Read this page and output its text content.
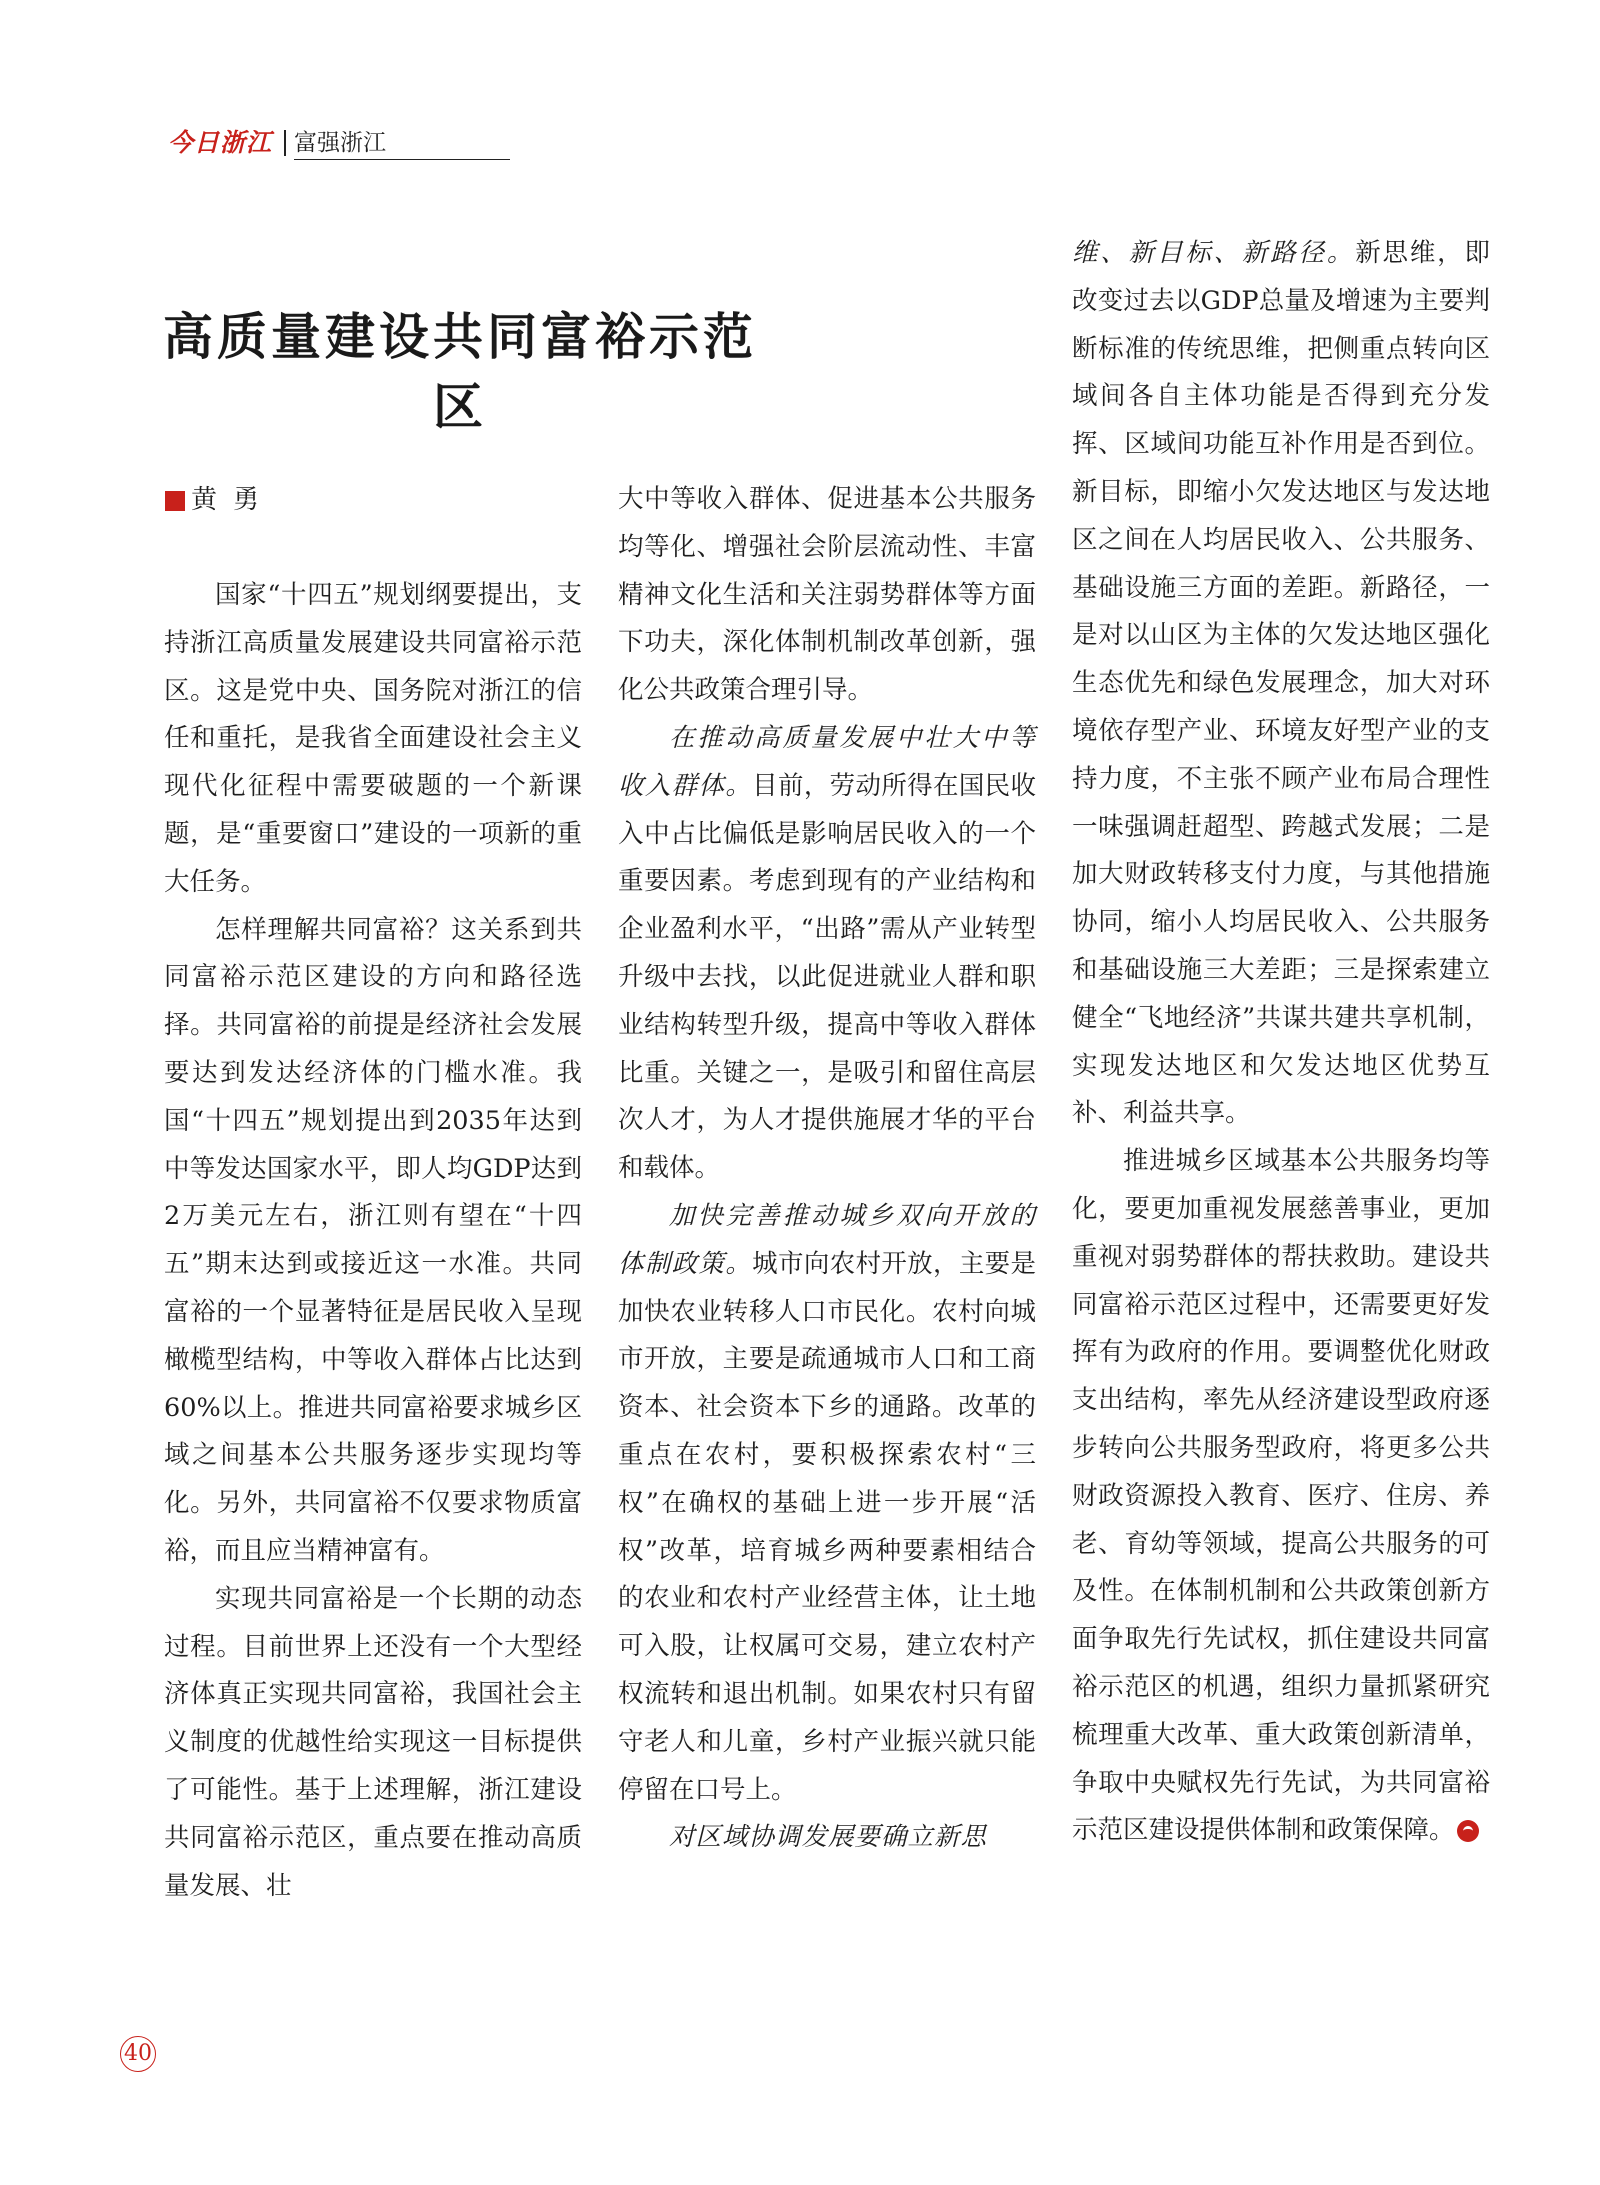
今日浙江 富强浙江
高质量建设共同富裕示范区
黄勇

国家“十四五”规划纲要提出，支持浙江高质量发展建设共同富裕示范区。这是党中央、国务院对浙江的信任和重托，是我省全面建设社会主义现代化征程中需要破题的一个新课题，是“重要窗口”建设的一项新的重大任务。

怎样理解共同富裕？这关系到共同富裕示范区建设的方向和路径选择。共同富裕的前提是经济社会发展要达到发达经济体的门槛水准。我国“十四五”规划提出到2035年达到中等发达国家水平，即人均GDP达到2万美元左右，浙江则有望在“十四五”期末达到或接近这一水准。共同富裕的一个显著特征是居民收入呈现橄榄型结构，中等收入群体占比达到60%以上。推进共同富裕要求城乡区域之间基本公共服务逐步实现均等化。另外，共同富裕不仅要求物质富裕，而且应当精神富有。

实现共同富裕是一个长期的动态过程。目前世界上还没有一个大型经济体真正实现共同富裕，我国社会主义制度的优越性给实现这一目标提供了可能性。基于上述理解，浙江建设共同富裕示范区，重点要在推动高质量发展、壮

大中等收入群体、促进基本公共服务均等化、增强社会阶层流动性、丰富精神文化生活和关注弱势群体等方面下功夫，深化体制机制改革创新，强化公共政策合理引导。

在推动高质量发展中壮大中等收入群体。目前，劳动所得在国民收入中占比偏低是影响居民收入的一个重要因素。考虑到现有的产业结构和企业盈利水平，“出路”需从产业转型升级中去找，以此促进就业人群和职业结构转型升级，提高中等收入群体比重。关键之一，是吸引和留住高层次人才，为人才提供施展才华的平台和载体。

加快完善推动城乡双向开放的体制政策。城市向农村开放，主要是加快农业转移人口市民化。农村向城市开放，主要是疏通城市人口和工商资本、社会资本下乡的通路。改革的重点在农村，要积极探索农村“三权”在确权的基础上进一步开展“活权”改革，培育城乡两种要素相结合的农业和农村产业经营主体，让土地可入股，让权属可交易，建立农村产权流转和退出机制。如果农村只有留守老人和儿童，乡村产业振兴就只能停留在口号上。

对区域协调发展要确立新思

维、新目标、新路径。新思维，即改变过去以GDP总量及增速为主要判断标准的传统思维，把侧重点转向区域间各自主体功能是否得到充分发挥、区域间功能互补作用是否到位。新目标，即缩小欠发达地区与发达地区之间在人均居民收入、公共服务、基础设施三方面的差距。新路径，一是对以山区为主体的欠发达地区强化生态优先和绿色发展理念，加大对环境依存型产业、环境友好型产业的支持力度，不主张不顾产业布局合理性一味强调赶超型、跨越式发展；二是加大财政转移支付力度，与其他措施协同，缩小人均居民收入、公共服务和基础设施三大差距；三是探索建立健全“飞地经济”共谋共建共享机制，实现发达地区和欠发达地区优势互补、利益共享。

推进城乡区域基本公共服务均等化，要更加重视发展慈善事业，更加重视对弱势群体的帮扶救助。建设共同富裕示范区过程中，还需要更好发挥有为政府的作用。要调整优化财政支出结构，率先从经济建设型政府逐步转向公共服务型政府，将更多公共财政资源投入教育、医疗、住房、养老、育幼等领域，提高公共服务的可及性。在体制机制和公共政策创新方面争取先行先试权，抓住建设共同富裕示范区的机遇，组织力量抓紧研究梳理重大改革、重大政策创新清单，争取中央赋权先行先试，为共同富裕示范区建设提供体制和政策保障。

40
